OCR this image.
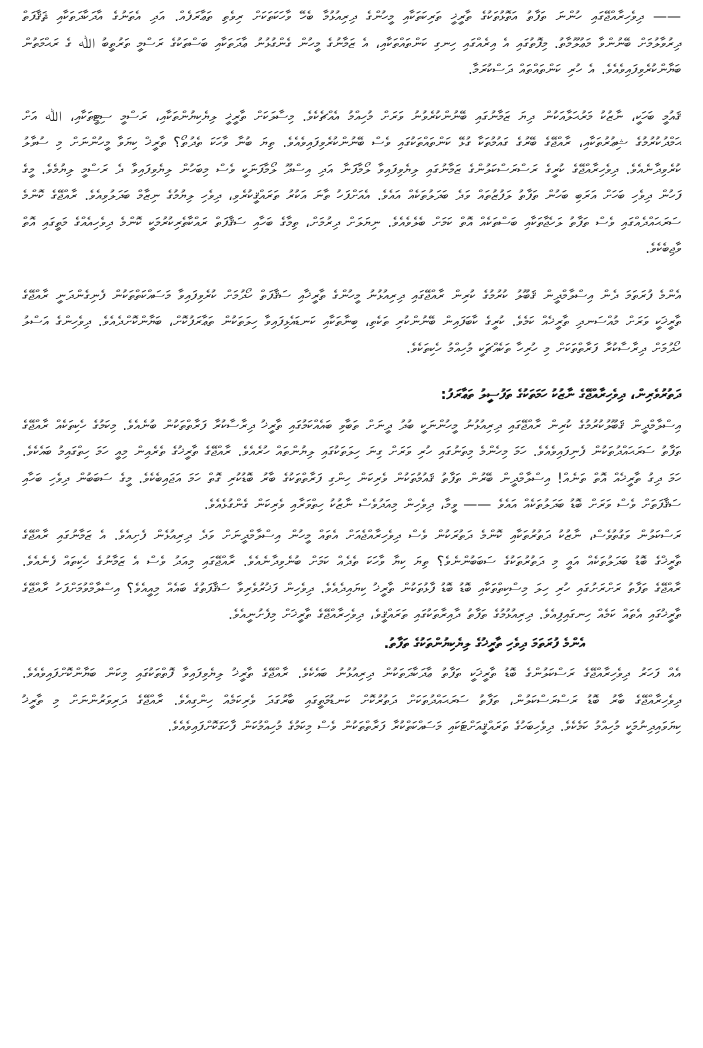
—— ދިވެހިރާއްޖޭގައި ހުންނަ ތަފާތު އަތޮޅުތަކުގެ ތާރީޚީ ތަރިކަތަކާއި މީހުންގެ ދިރިއުޅުމާ ބެހޭ ވާހަކަތަކަށް ރިވެތި ތަޢާރަފެއް. އަދި އެތަނުގެ އާދަކާދަތަކާއި ޘަޤާފަތް ދިރުވާލުމަށް ބޭނުންވާ މަޢުލޫމާތު. މިފޮތުގައި އެ އިރެއްގައި ހިނގި ކަންތައްތަކާއި، އެ ޒަމާނުގެ މީހުން ގެންގުޅުނު ޢާދަތަކާއި ބަސްތަކުގެ ރަސްމީ ތަރުތީބު ﷲ ގެ ރަޙްމަތުން ބަޔާންކުރެވިފައިވެއެވެ. އެ ހުރި ކަންތައްތައް ދަސްކުރަމާ.

ޤައުމީ ބަހަކީ، ނާޒުކު މަރުޙަލާއަކުން ދިޔަ ޒަމާނުގައި ބޭނުންކުރެވުނު ވަރަށް މުހިއްމު އެއްޗެކެވެ. މިސާލަކަށް ތާރީޚީ ލިޔެކިޔުންތަކާއި، ރަސްމީ ސިޓީތަކާއި، ﷲ އަށް ޙަމްދުކުރުމުގެ ޝިޢުރުތަކާއި، ރާއްޖޭގެ ބޭރުގެ ގައުމުތަކާ ގުޅޭ ކަންތައްތަކުގައި ވެސް ބޭނުންކުރެވިފައިވެއެވެ. ތިޔަ ބުނާ ވާހަކަ ތެދުތޯ؟ ތާރީޚް ކިޔަވާ މީހުންނަށް މި ސުވާލު ކުރެވިދާނެއެވެ. ދިވެހިރާއްޖޭގެ ކުރީގެ ރަސްރަސްކަލުންގެ ޒަމާނުގައި ލިޔެވިފައިވާ ލޯމާފަނާ އަދި އިސްދޫ ލޯމާފަނަކީ ވެސް މިބަހުން ލިޔެވިފައިވާ ދެ ރަސްމީ ލިޔުމެވެ. މީގެ ފަހުން ދިވެހި ބަހަށް އަރަބި ބަހުން ތަފާތު ލަފުޒުތައް ވަދެ ބަދަލުތަކެއް އައެވެ. އެއަށްފަހު ތާނަ އަކުރު ތަރައްޤީކުރެވި، ދިވެހި ލިޔުމުގެ ނިޒާމް ބަދަލުވިއެވެ. ރާއްޖޭގެ ކޮންމެ ސަރަޙައްދެއްގައި ވެސް ތަފާތު ލަހެޖާތަކާއި ބަސްތަކެއް އޮތް ކަމަށް ބެލެވެއެވެ. ނިޔަލަށް ދިރުމަށް، ތިމާގެ ބަހާއި ސަޤާފަތް ރައްކާތެރިކުރުމަކީ ކޮންމެ ދިވެހިއެއްގެ މަތީގައި އޮތް ވާޖިބެކެވެ.

އެންމެ ފުރަތަމަ ދެން އިސްލާމްދީން ޤަބޫލު ކުރުމުގެ ކުރިން ރާއްޖޭގައި ދިރިއުޅުނު މީހުންގެ ތާރީޚާއި ސަޤާފަތް ހޯދުމަށް ކުރެވިފައިވާ މަސައްކަތްތަކުން ފެނިގެންދަނީ ރާއްޖޭގެ ތާރީޚަކީ ވަރަށް މުއްސަނދި ތާރީޚެއް ކަމެވެ. ކުރީގެ ކާބަފައިން ބޭނުންކުރި ތަކެތި، ބިނާތަކާއި ކަނޑައެޅިފައިވާ ހިލަތަކުން ތަޢާރަފުކޮށް، ބަޔާންކޮށްދެއެވެ. ދިވެހިންގެ އަސްލު ހޯދުމަށް ދިރާސާކުރާ ފަރާތްތަކަށް މި ހުރިހާ ތަކެއްޗަކީ މުހިއްމު ހެކިތަކެވެ.

ދަތުރުވެރިން، ދިވެހިރާއްޖޭގެ ނާޒުކު ހަމަތަކުގެ ތަފުސީލު ތަޢާރަފު:

އިސްލާމްދީން ޤަބޫލުކުރުމުގެ ކުރިން ރާއްޖޭގައި ދިރިއުޅުނު މީހުންނަކީ ބުދު ދީނަށް ތަބާވި ބައެއްކަމުގައި ތާރީޚު ދިރާސާކުރާ ފަރާތްތަކުން ބުނެއެވެ. މިކަމުގެ ހެކިތަކެއް ރާއްޖޭގެ ތަފާތު ސަރަޙައްދުތަކުން ފެނިފައިވެއެވެ. ހަމަ މިހެންމެ މިތަނުގައި ހުރި ވަރަށް ގިނަ ހިލަތަކުގައި ލިޔުންތައް ހުރެއެވެ. ރާއްޖޭގެ ތާރީޚުގެ ތެރެއިން މިއީ ހަމަ ހިތްގައިމު ބައެކެވެ. ހަމަ ދިގު ތާރީޚެއް އޮތް ތަނެއް! އިސްލާމްދީން ބޭރުން ތަފާތު ޤައުމުތަކުން ވެރިކަން ހިންގި ފަރާތްތަކުގެ ބާރު ބޮޑުކުރި ގޮތް ހަމަ އަޖައިބެކެވެ. މީގެ ސަބަބުން ދިވެހި ބަހާއި ސަޤާފަތަށް ވެސް ވަރަށް ބޮޑު ބަދަލުތަކެއް އައެވެ —— ވީމާ، ދިވެހިން މިއަދުވެސް ނާޒުކު ހިތްވަރާއި ވެރިކަން ގެންގުޅެއެވެ.

ރަސްކަލުން ވަގުތުވެސް، ނާޒުކު ދަތުރުތަކާއި ކޮންމެ ދަތުރަކުން ވެސް ދިވެހިރާއްޖެއަށް އެތައް މީހުން އިސްލާމްދީނަށް ވަދެ ދިރިއުޅެން ފެށިއެވެ. އެ ޒަމާނުގައި ރާއްޖޭގެ ތާރީޚްގެ ބޮޑު ބަދަލުތަކެއް އައީ މި ދަތުރުތަކުގެ ސަބަބުންނެވެ؟ ތިޔަ ކިޔާ ވާހަކަ ތެދެއް ކަމަށް ބުނެވިދާނެއެވެ. ރާއްޖޭގައި މިއަދު ވެސް އެ ޒަމާނުގެ ހެކިތައް ފެނެއެވެ. ރާއްޖޭގެ ތަފާތު ރަށްރަށުގައި ހުރި ހިލަ މިސްކިތްތަކާއި ބޮޑު ބޮޑު ފާޅުތަކުން ތާރީޚު ކިޔައިދެއެވެ. ދިވެހިން ފަޚުރުވެރިވާ ސަޤާފަތުގެ ބައެއް މިއީއެވެ؟ އިސްލާމްވުމަށްފަހު ރާއްޖޭގެ ތާރީޚުގައި އެތައް ކަމެއް ހިނގައިފިއެވެ. ދިރިއުޅުމުގެ ތަފާތު ދާއިރާތަކުގައި ތަރައްޤީވެ، ދިވެހިރާއްޖޭގެ ތާރީޚަށް މިފެށުނީއެވެ.

އެންމެ ފުރަތަމަ ދިވެހި ތާރީޚުގެ ލިޔެކިޔުންތަކުގެ ތަފާތު.

އެއް ފަހަރު ދިވެހިރާއްޖޭގެ ރަސްކަލުންގެ ބޮޑު ތާރީޚަކީ ތަފާތު ޢާދަކާދަތަކުން ދިރިއުޅުނު ބައެކެވެ. ރާއްޖޭގެ ތާރީޚު ލިޔެވިފައިވާ ފޮތްތަކުގައި މިކަން ބަޔާންކޮށްފައިވެއެވެ. ދިވެހިރާއްޖޭގެ ބާރު ބޮޑު ރަސްރަސްކަލުން، ތަފާތު ސަރަޙައްދުތަކަށް ދަތުރުކޮށް ކަނޑުމަތީގައި ބާރުގަދަ ވެރިކަމެއް ހިންގިއެވެ. ރާއްޖޭގެ ދަރިވަރުންނަށް މި ތާރީޚު ކިޔަވައިދިނުމަކީ މުހިއްމު ކަމެކެވެ. ދިވެހިބަހުގެ ތަރައްޤީއަށްޓަކައި މަސައްކަތްކުރާ ފަރާތްތަކުން ވެސް މިކަމުގެ މުހިއްމުކަން ފާހަގަކޮށްފައިވެއެވެ.
